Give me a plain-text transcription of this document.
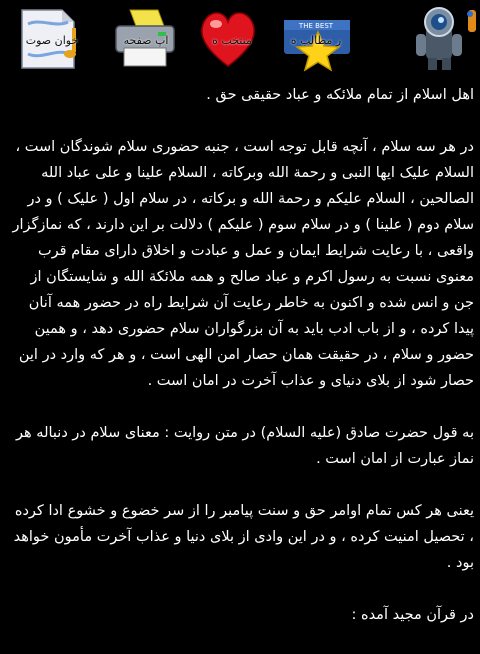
THE BEST
ر مطالب ه
منتخب ه
اپ صفحه
خوان صوت

اهل اسلام از تمام ملائکه و عباد حقیقی حق .

در هر سه سلام ، آنچه قابل توجه است ، جنبه حضوری سلام شوندگان است ، السلام علیک ایها النبی و رحمة الله وبرکاته ، السلام علینا و علی عباد الله الصالحین ، السلام علیکم و رحمة الله و برکاته ، در سلام اول ( علیک ) و در سلام دوم ( علینا ) و در سلام سوم ( علیکم ) دلالت بر این دارند ، که نمازگزار واقعی ، با رعایت شرایط ایمان و عمل و عبادت و اخلاق دارای مقام قرب معنوی نسبت به رسول اکرم و عباد صالح و همه ملائکة الله و شایستگان از جن و انس شده و اکنون به خاطر رعایت آن شرایط راه در حضور همه آنان پیدا کرده ، و از باب ادب باید به آن بزرگواران سلام حضوری دهد ، و همین حضور و سلام ، در حقیقت همان حصار امن الهی است ، و هر که وارد در این حصار شود از بلای دنیای و عذاب آخرت در امان است .

به قول حضرت صادق (علیه السلام) در متن روایت : معنای سلام در دنباله هر نماز عبارت از امان است .

یعنی هر کس تمام اوامر حق و سنت پیامبر را از سر خضوع و خشوع ادا کرده ، تحصیل امنیت کرده ، و در این وادی از بلای دنیا و عذاب آخرت مأمون خواهد بود .

در قرآن مجید آمده :
